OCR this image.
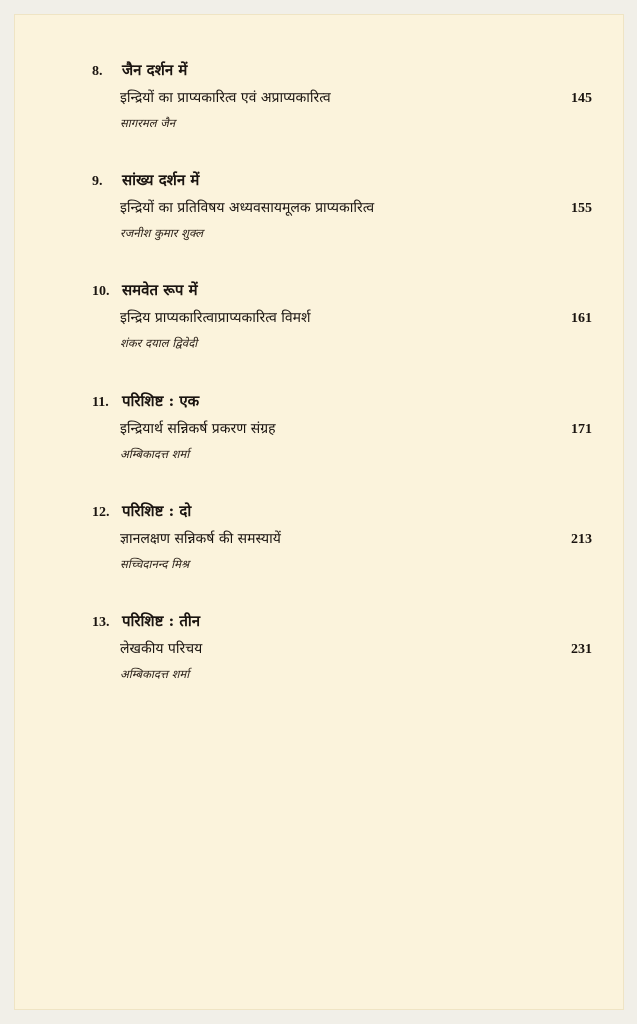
8.	जैन दर्शन में
इन्द्रियों का प्राप्यकारित्व एवं अप्राप्यकारित्व	145
सागरमल जैन
9.	सांख्य दर्शन में
इन्द्रियों का प्रतिविषय अध्यवसायमूलक प्राप्यकारित्व	155
रजनीश कुमार शुक्ल
10. समवेत रूप में
इन्द्रिय प्राप्यकारित्वाप्राप्यकारित्व विमर्श	161
शंकर दयाल द्विवेदी
11. परिशिष्ट : एक
इन्द्रियार्थ सन्निकर्ष प्रकरण संग्रह	171
अम्बिकादत्त शर्मा
12. परिशिष्ट : दो
ज्ञानलक्षण सन्निकर्ष की समस्यायें	213
सच्चिदानन्द मिश्र
13. परिशिष्ट : तीन
लेखकीय परिचय	231
अम्बिकादत्त शर्मा
